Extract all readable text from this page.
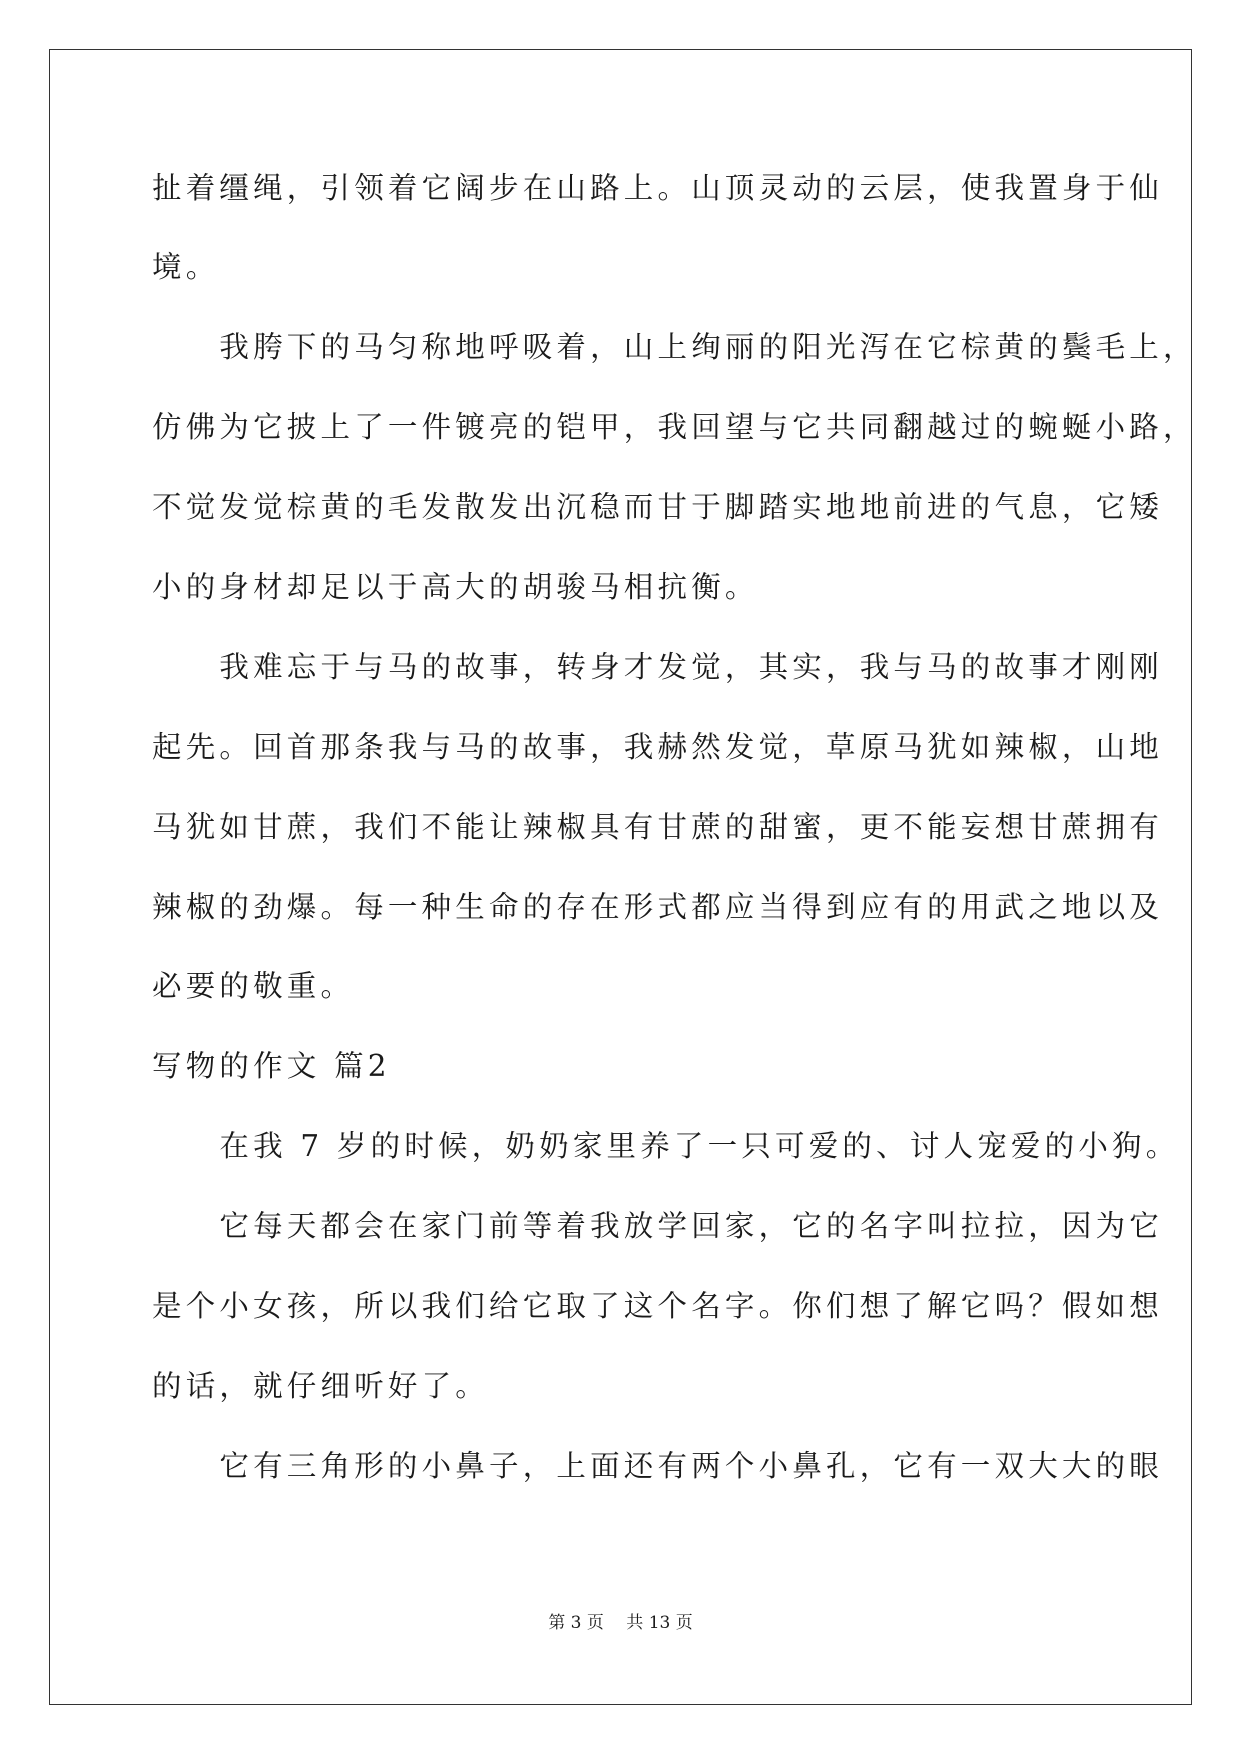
扯着缰绳，引领着它阔步在山路上。山顶灵动的云层，使我置身于仙
境。
　　我胯下的马匀称地呼吸着，山上绚丽的阳光泻在它棕黄的鬓毛上，
仿佛为它披上了一件镀亮的铠甲，我回望与它共同翻越过的蜿蜒小路，
不觉发觉棕黄的毛发散发出沉稳而甘于脚踏实地地前进的气息，它矮
小的身材却足以于高大的胡骏马相抗衡。
　　我难忘于与马的故事，转身才发觉，其实，我与马的故事才刚刚
起先。回首那条我与马的故事，我赫然发觉，草原马犹如辣椒，山地
马犹如甘蔗，我们不能让辣椒具有甘蔗的甜蜜，更不能妄想甘蔗拥有
辣椒的劲爆。每一种生命的存在形式都应当得到应有的用武之地以及
必要的敬重。
写物的作文 篇2
　　在我 7 岁的时候，奶奶家里养了一只可爱的、讨人宠爱的小狗。
　　它每天都会在家门前等着我放学回家，它的名字叫拉拉，因为它
是个小女孩，所以我们给它取了这个名字。你们想了解它吗？假如想
的话，就仔细听好了。
　　它有三角形的小鼻子，上面还有两个小鼻孔，它有一双大大的眼
第 3 页　 共 13 页
